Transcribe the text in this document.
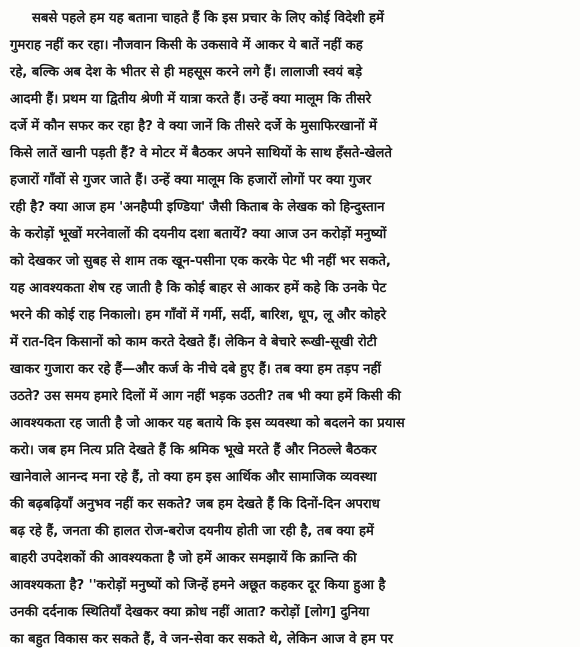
सबसे पहले हम यह बताना चाहते हैं कि इस प्रचार के लिए कोई विदेशी हमें
गुमराह नहीं कर रहा। नौजवान किसी के उकसावे में आकर ये बातें नहीं कह
रहे, बल्कि अब देश के भीतर से ही महसूस करने लगे हैं। लालाजी स्वयं बड़े
आदमी हैं। प्रथम या द्वितीय श्रेणी में यात्रा करते हैं। उन्हें क्या मालूम कि तीसरे
दर्जे में कौन सफर कर रहा है? वे क्या जानें कि तीसरे दर्जे के मुसाफिरखानों में
किसे लातें खानी पड़ती हैं? वे मोटर में बैठकर अपने साथियों के साथ हँसते-खेलते
हजारों गाँवों से गुजर जाते हैं। उन्हें क्या मालूम कि हजारों लोगों पर क्या गुजर
रही है? क्या आज हम 'अनहैप्पी इण्डिया' जैसी किताब के लेखक को हिन्दुस्तान
के करोड़ों भूखों मरनेवालों की दयनीय दशा बतायें? क्या आज उन करोड़ों मनुष्यों
को देखकर जो सुबह से शाम तक खून-पसीना एक करके पेट भी नहीं भर सकते,
यह आवश्यकता शेष रह जाती है कि कोई बाहर से आकर हमें कहे कि उनके पेट
भरने की कोई राह निकालो। हम गाँवों में गर्मी, सर्दी, बारिश, धूप, लू और कोहरे
में रात-दिन किसानों को काम करते देखते हैं। लेकिन वे बेचारे रूखी-सूखी रोटी
खाकर गुजारा कर रहे हैं—और कर्ज के नीचे दबे हुए हैं। तब क्या हम तड़प नहीं
उठते? उस समय हमारे दिलों में आग नहीं भड़क उठती? तब भी क्या हमें किसी की
आवश्यकता रह जाती है जो आकर यह बताये कि इस व्यवस्था को बदलने का प्रयास
करो। जब हम नित्य प्रति देखते हैं कि श्रमिक भूखे मरते हैं और निठल्ले बैठकर
खानेवाले आनन्द मना रहे हैं, तो क्या हम इस आर्थिक और सामाजिक व्यवस्था
की बढ़बढ़ियाँ अनुभव नहीं कर सकते? जब हम देखते हैं कि दिनों-दिन अपराध
बढ़ रहे हैं, जनता की हालत रोज-बरोज दयनीय होती जा रही है, तब क्या हमें
बाहरी उपदेशकों की आवश्यकता है जो हमें आकर समझायें कि क्रान्ति की
आवश्यकता है? ''करोड़ों मनुष्यों को जिन्हें हमने अछूत कहकर दूर किया हुआ है
उनकी दर्दनाक स्थितियाँ देखकर क्या क्रोध नहीं आता? करोड़ों [लोग] दुनिया
का बहुत विकास कर सकते हैं, वे जन-सेवा कर सकते थे, लेकिन आज वे हम पर
